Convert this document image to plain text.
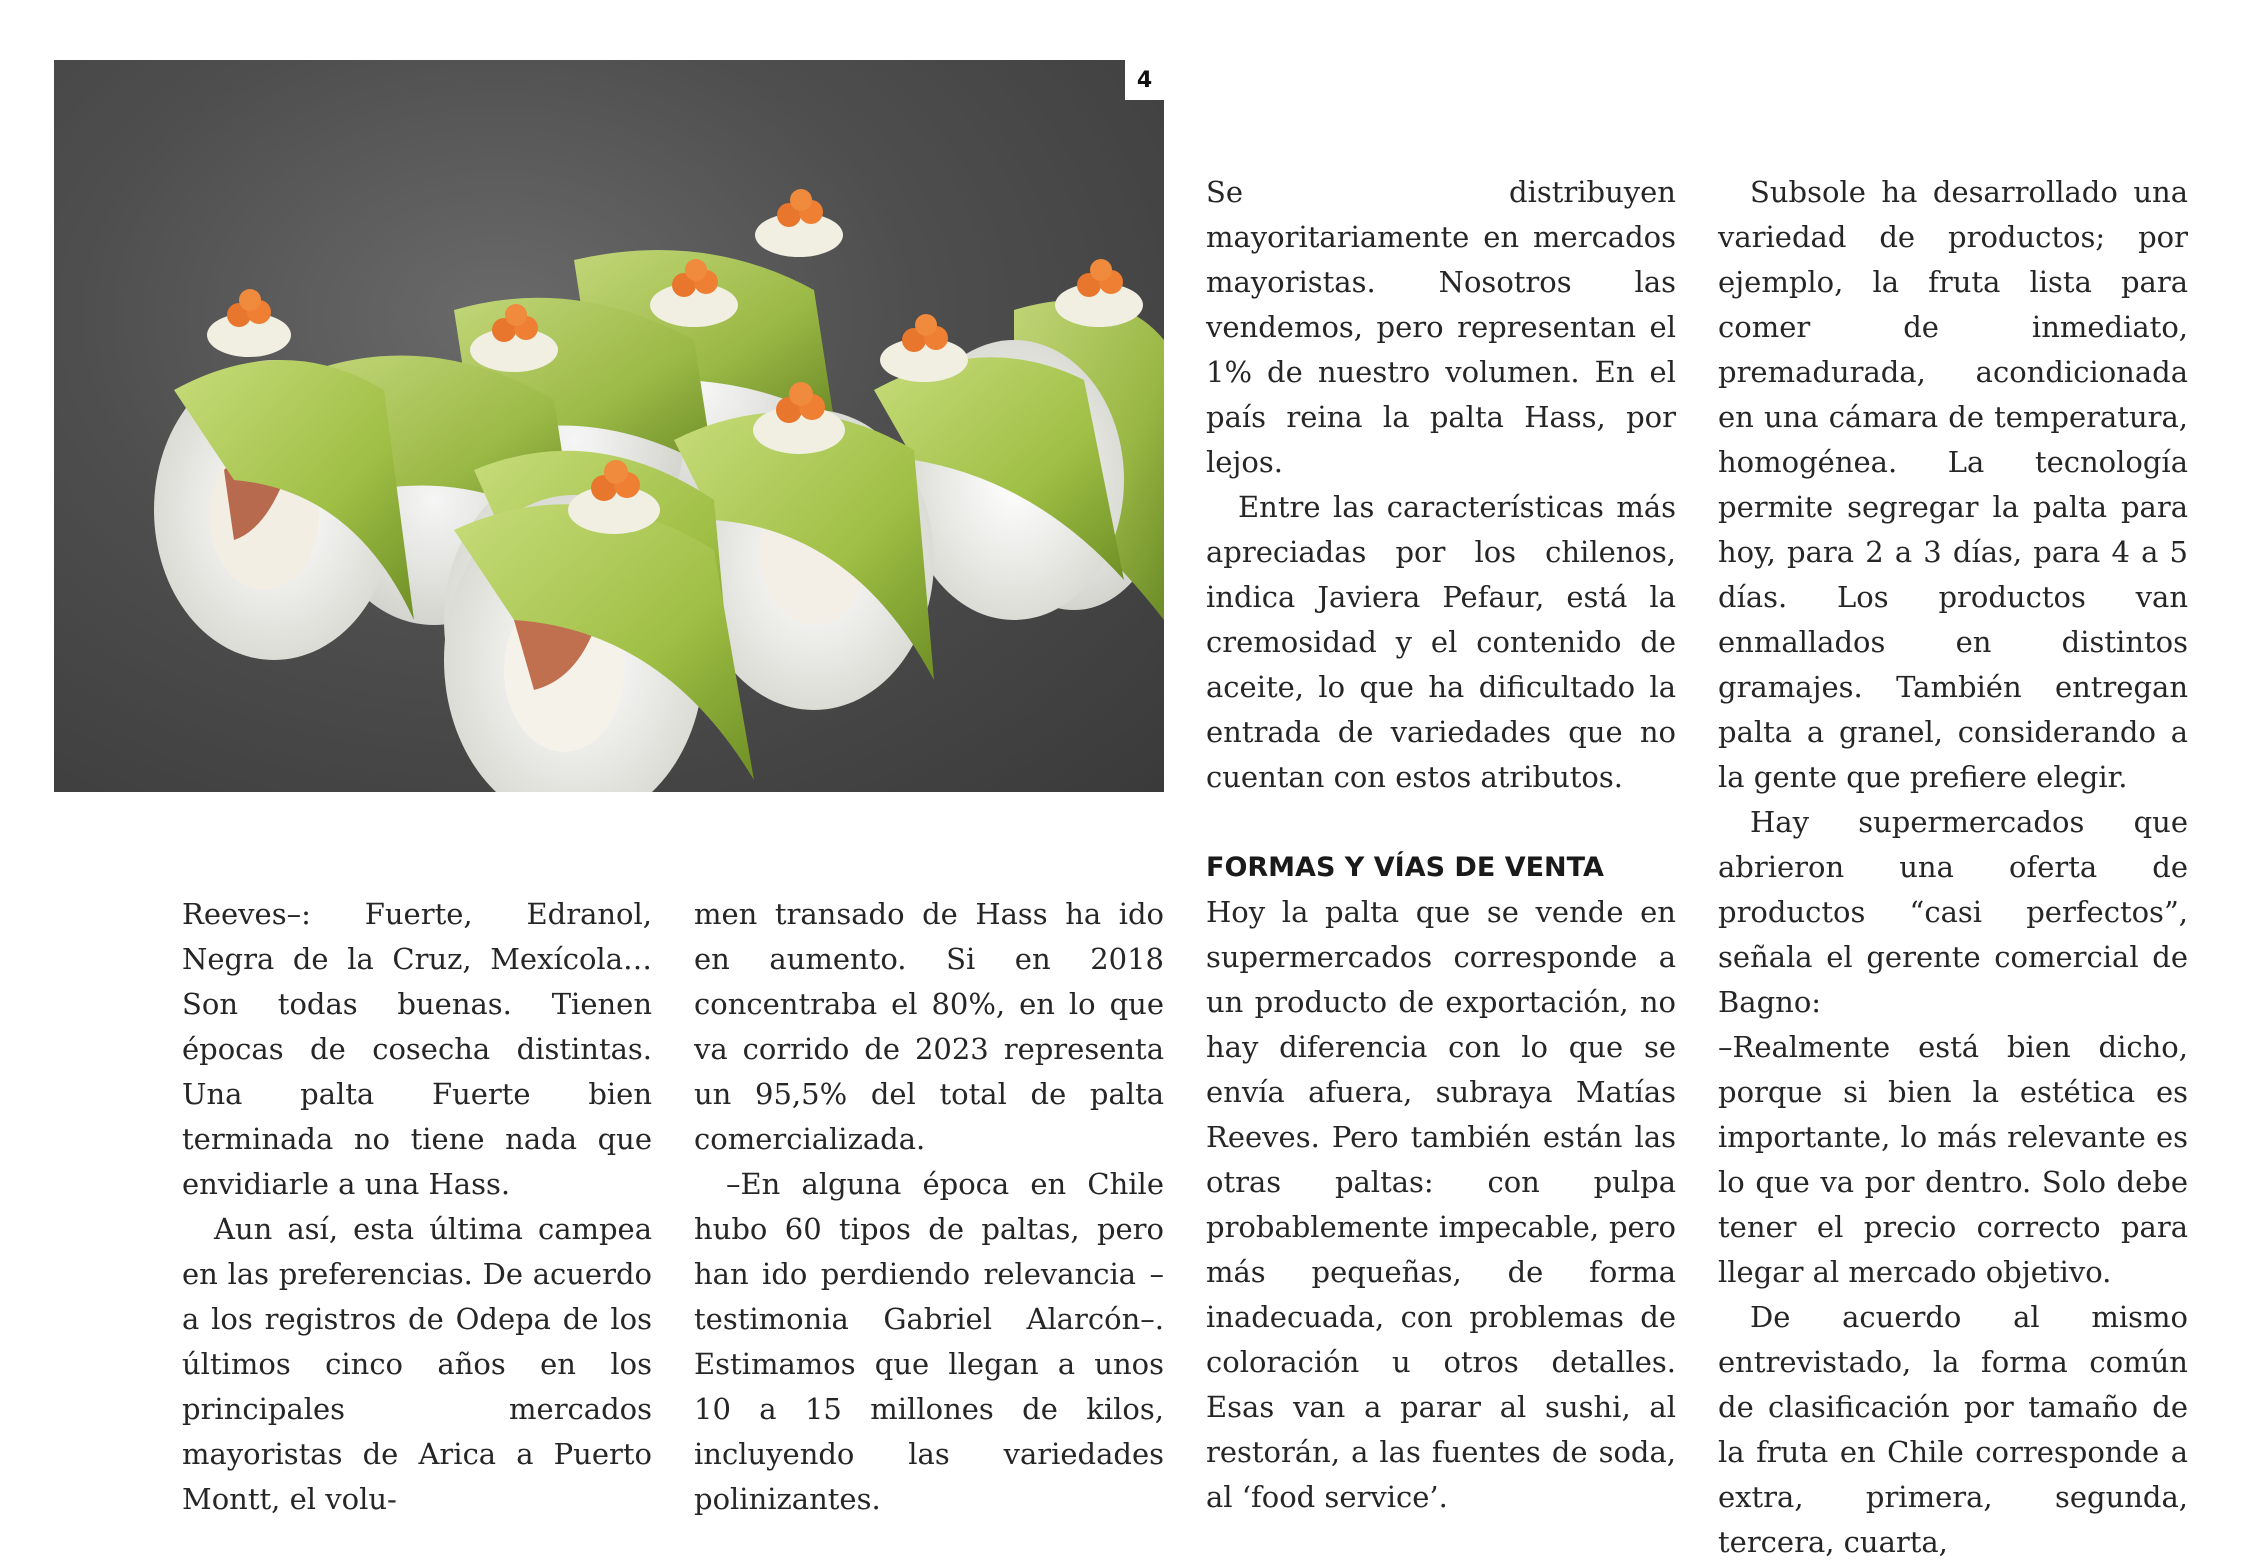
4

Reeves–: Fuerte, Edranol, Negra de la Cruz, Mexícola… Son todas buenas. Tienen épocas de cosecha distintas. Una palta Fuerte bien terminada no tiene nada que envidiarle a una Hass.

Aun así, esta última campea en las preferencias. De acuerdo a los registros de Odepa de los últimos cinco años en los principales mercados mayoristas de Arica a Puerto Montt, el volu-

men transado de Hass ha ido en aumento. Si en 2018 concentraba el 80%, en lo que va corrido de 2023 representa un 95,5% del total de palta comercializada.

–En alguna época en Chile hubo 60 tipos de paltas, pero han ido perdiendo relevancia –testimonia Gabriel Alarcón–. Estimamos que llegan a unos 10 a 15 millones de kilos, incluyendo las variedades polinizantes.

Se distribuyen mayoritariamente en mercados mayoristas. Nosotros las vendemos, pero representan el 1% de nuestro volumen. En el país reina la palta Hass, por lejos.

Entre las características más apreciadas por los chilenos, indica Javiera Pefaur, está la cremosidad y el contenido de aceite, lo que ha dificultado la entrada de variedades que no cuentan con estos atributos.

FORMAS Y VÍAS DE VENTA

Hoy la palta que se vende en supermercados corresponde a un producto de exportación, no hay diferencia con lo que se envía afuera, subraya Matías Reeves. Pero también están las otras paltas: con pulpa probablemente impecable, pero más pequeñas, de forma inadecuada, con problemas de coloración u otros detalles. Esas van a parar al sushi, al restorán, a las fuentes de soda, al ‘food service’.

Subsole ha desarrollado una variedad de productos; por ejemplo, la fruta lista para comer de inmediato, premadurada, acondicionada en una cámara de temperatura, homogénea. La tecnología permite segregar la palta para hoy, para 2 a 3 días, para 4 a 5 días. Los productos van enmallados en distintos gramajes. También entregan palta a granel, considerando a la gente que prefiere elegir.

Hay supermercados que abrieron una oferta de productos “casi perfectos”, señala el gerente comercial de Bagno:

–Realmente está bien dicho, porque si bien la estética es importante, lo más relevante es lo que va por dentro. Solo debe tener el precio correcto para llegar al mercado objetivo.

De acuerdo al mismo entrevistado, la forma común de clasificación por tamaño de la fruta en Chile corresponde a extra, primera, segunda, tercera, cuarta,
